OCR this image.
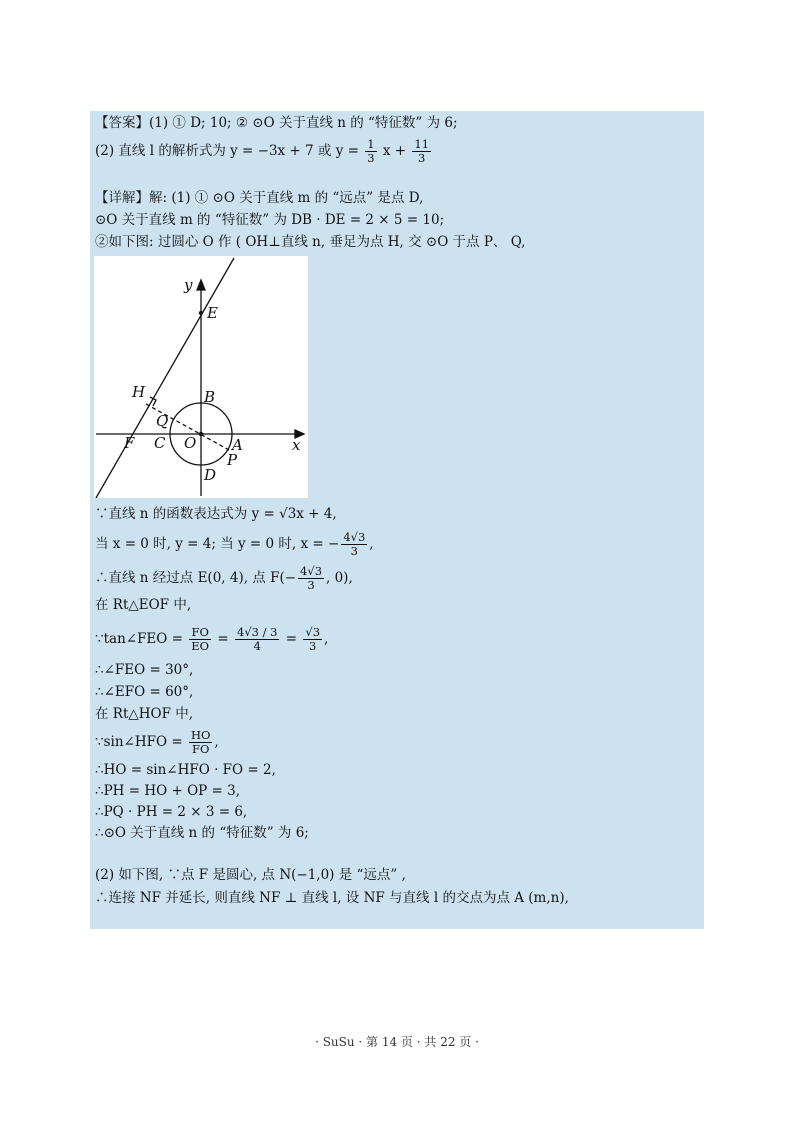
【答案】(1) ① D; 10; ② ⊙O 关于直线 n 的 “特征数” 为 6;
(2) 直线 l 的解析式为 y = −3x + 7 或 $y = \frac{1}{3}$ $x + \frac{11}{3}$
【详解】解: (1) ① ⊙O 关于直线 m 的 “远点” 是点 D,
⊙O 关于直线 m 的 “特征数” 为 DB · DE = 2 × 5 = 10;
②如下图: 过圆心 O 作 ( OH⊥直线 n, 垂足为点 H, 交 ⊙O 于点 P、 Q,
y
x
E
H	B
Q
F C O A
P
D
∵直线 n 的函数表达式为 y = √3x + 4,
当 x = 0 时, y = 4; 当 y = 0 时, x = − $\frac{4√3}{3}$ ,
∴直线 n 经过点 E(0, 4), 点 $F(- \frac{4√3}{3}$ , 0),
在 Rt△EOF 中,
∵tan∠FEO = $\frac{FO}{EO} = \frac{4√3 / 3}{4} = \frac{√3}{3}$ ,
∴∠FEO = 30°,
∴∠EFO = 60°,
在 Rt△HOF 中,
∵sin∠HFO = $\frac{HO}{FO}$ ,
∴HO = sin∠HFO · FO = 2,
∴PH = HO + OP = 3,
∴PQ · PH = 2 × 3 = 6,
∴⊙O 关于直线 n 的 “特征数” 为 6;
(2) 如下图, ∵点 F 是圆心, 点 N(−1,0) 是 “远点” ,
∴连接 NF 并延长, 则直线 NF ⊥ 直线 l, 设 NF 与直线 l 的交点为点 A (m,n),
· SuSu · 第 14 页 · 共 22 页 ·
